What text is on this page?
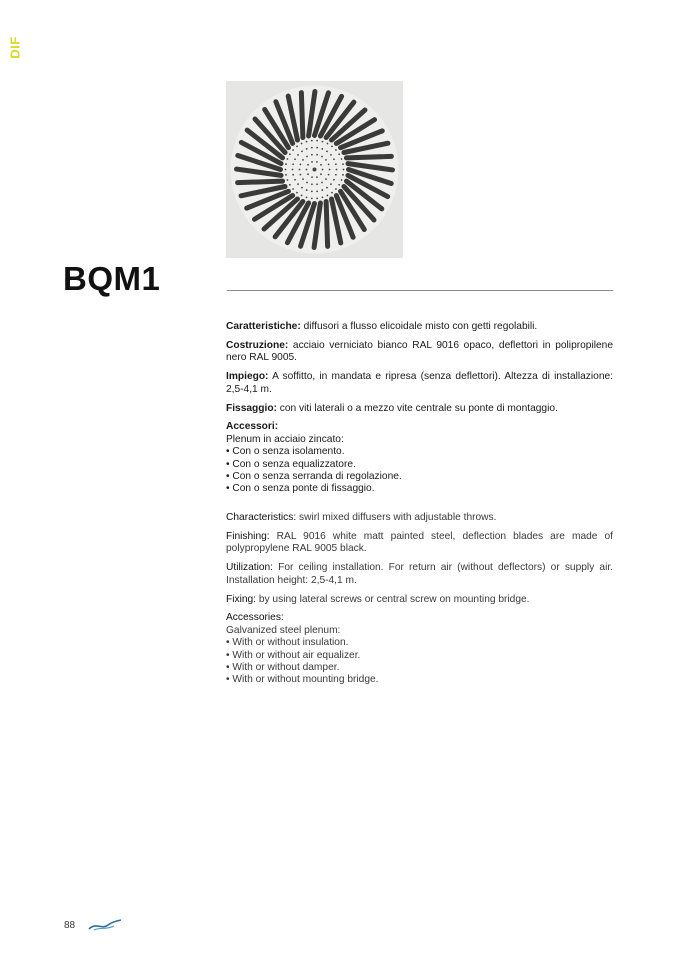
DIF
BQM1

Caratteristiche: diffusori a flusso elicoidale misto con getti regolabili.

Costruzione: acciaio verniciato bianco RAL 9016 opaco, deflettori in polipropilene nero RAL 9005.

Impiego: A soffitto, in mandata e ripresa (senza deflettori). Altezza di installazione: 2,5-4,1 m.

Fissaggio: con viti laterali o a mezzo vite centrale su ponte di montaggio.

Accessori:
Plenum in acciaio zincato:
• Con o senza isolamento.
• Con o senza equalizzatore.
• Con o senza serranda di regolazione.
• Con o senza ponte di fissaggio.

Characteristics: swirl mixed diffusers with adjustable throws.

Finishing: RAL 9016 white matt painted steel, deflection blades are made of polypropylene RAL 9005 black.

Utilization: For ceiling installation. For return air (without deflectors) or supply air. Installation height: 2,5-4,1 m.

Fixing: by using lateral screws or central screw on mounting bridge.

Accessories:
Galvanized steel plenum:
• With or without insulation.
• With or without air equalizer.
• With or without damper.
• With or without mounting bridge.
88
